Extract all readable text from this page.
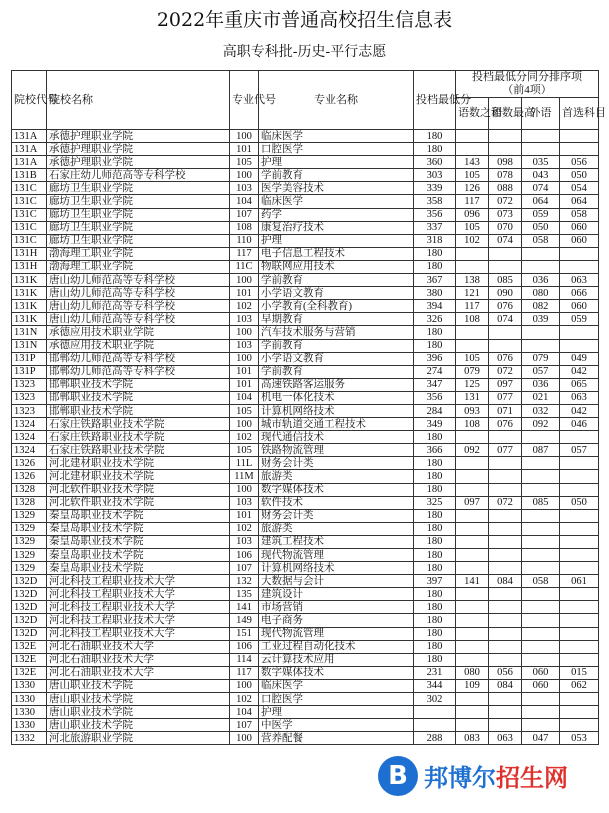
2022年重庆市普通高校招生信息表
高职专科批-历史-平行志愿
院校代号	院校名称	专业代号	专业名称	投档最低分	投档最低分同分排序项
（前4项）			

					语数之和	语数最高	外语	首选科目
131A	承德护理职业学院	100	临床医学	180				
131A	承德护理职业学院	101	口腔医学	180				
131A	承德护理职业学院	105	护理	360	143	098	035	056
131B	石家庄幼儿师范高等专科学校	100	学前教育	303	105	078	043	050
131C	廊坊卫生职业学院	103	医学美容技术	339	126	088	074	054
131C	廊坊卫生职业学院	104	临床医学	358	117	072	064	064
131C	廊坊卫生职业学院	107	药学	356	096	073	059	058
131C	廊坊卫生职业学院	108	康复治疗技术	337	105	070	050	060
131C	廊坊卫生职业学院	110	护理	318	102	074	058	060
131H	渤海理工职业学院	117	电子信息工程技术	180				
131H	渤海理工职业学院	11C	物联网应用技术	180				
131K	唐山幼儿师范高等专科学校	100	学前教育	367	138	085	036	063
131K	唐山幼儿师范高等专科学校	101	小学语文教育	380	121	090	080	066
131K	唐山幼儿师范高等专科学校	102	小学教育(全科教育)	394	117	076	082	060
131K	唐山幼儿师范高等专科学校	103	早期教育	326	108	074	039	059
131N	承德应用技术职业学院	100	汽车技术服务与营销	180				
131N	承德应用技术职业学院	103	学前教育	180				
131P	邯郸幼儿师范高等专科学校	100	小学语文教育	396	105	076	079	049
131P	邯郸幼儿师范高等专科学校	101	学前教育	274	079	072	057	042
1323	邯郸职业技术学院	101	高速铁路客运服务	347	125	097	036	065
1323	邯郸职业技术学院	104	机电一体化技术	356	131	077	021	063
1323	邯郸职业技术学院	105	计算机网络技术	284	093	071	032	042
1324	石家庄铁路职业技术学院	100	城市轨道交通工程技术	349	108	076	092	046
1324	石家庄铁路职业技术学院	102	现代通信技术	180				
1324	石家庄铁路职业技术学院	105	铁路物流管理	366	092	077	087	057
1326	河北建材职业技术学院	11L	财务会计类	180				
1326	河北建材职业技术学院	11M	旅游类	180				
1328	河北软件职业技术学院	100	数字媒体技术	180				
1328	河北软件职业技术学院	103	软件技术	325	097	072	085	050
1329	秦皇岛职业技术学院	101	财务会计类	180				
1329	秦皇岛职业技术学院	102	旅游类	180				
1329	秦皇岛职业技术学院	103	建筑工程技术	180				
1329	秦皇岛职业技术学院	106	现代物流管理	180				
1329	秦皇岛职业技术学院	107	计算机网络技术	180				
132D	河北科技工程职业技术大学	132	大数据与会计	397	141	084	058	061
132D	河北科技工程职业技术大学	135	建筑设计	180				
132D	河北科技工程职业技术大学	141	市场营销	180				
132D	河北科技工程职业技术大学	149	电子商务	180				
132D	河北科技工程职业技术大学	151	现代物流管理	180				
132E	河北石油职业技术大学	106	工业过程自动化技术	180				
132E	河北石油职业技术大学	114	云计算技术应用	180				
132E	河北石油职业技术大学	117	数字媒体技术	231	080	056	060	015
1330	唐山职业技术学院	100	临床医学	344	109	084	060	062
1330	唐山职业技术学院	102	口腔医学	302				
1330	唐山职业技术学院	104	护理					
1330	唐山职业技术学院	107	中医学					
1332	河北旅游职业学院	100	营养配餐	288	083	063	047	053
B 邦博尔招生网
